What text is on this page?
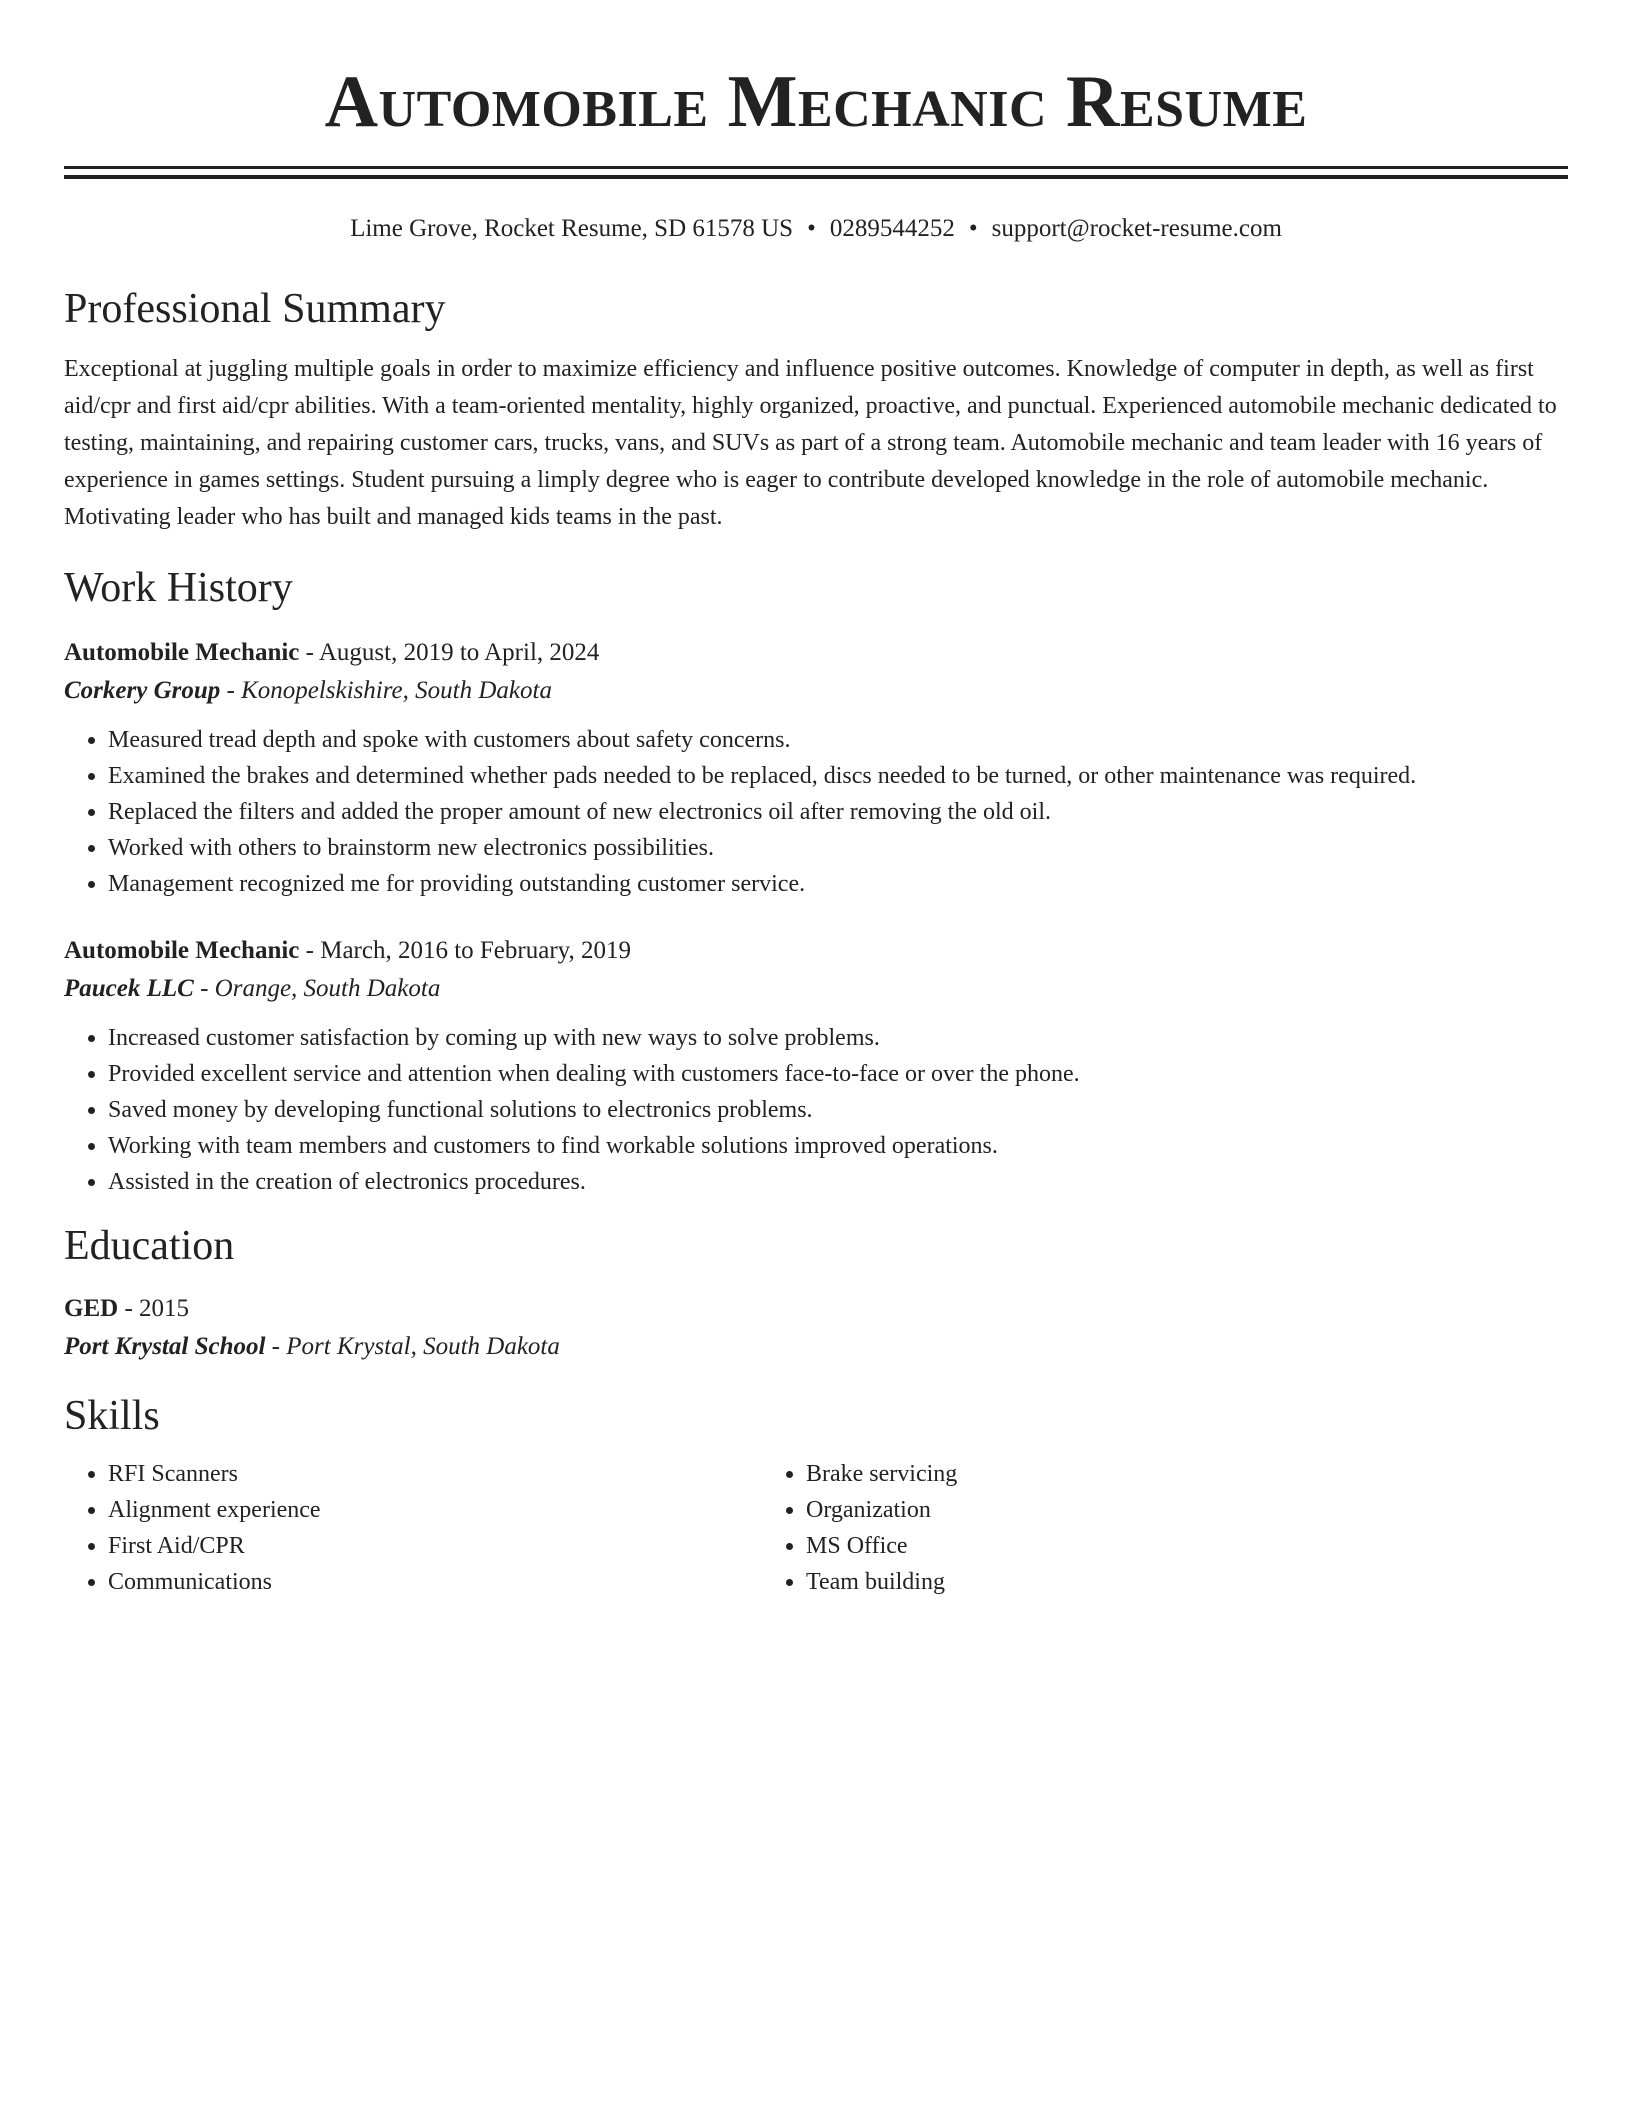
Automobile Mechanic Resume
Lime Grove, Rocket Resume, SD 61578 US • 0289544252 • support@rocket-resume.com
Professional Summary
Exceptional at juggling multiple goals in order to maximize efficiency and influence positive outcomes. Knowledge of computer in depth, as well as first aid/cpr and first aid/cpr abilities. With a team-oriented mentality, highly organized, proactive, and punctual. Experienced automobile mechanic dedicated to testing, maintaining, and repairing customer cars, trucks, vans, and SUVs as part of a strong team. Automobile mechanic and team leader with 16 years of experience in games settings. Student pursuing a limply degree who is eager to contribute developed knowledge in the role of automobile mechanic. Motivating leader who has built and managed kids teams in the past.
Work History
Automobile Mechanic - August, 2019 to April, 2024
Corkery Group - Konopelskishire, South Dakota
• Measured tread depth and spoke with customers about safety concerns.
• Examined the brakes and determined whether pads needed to be replaced, discs needed to be turned, or other maintenance was required.
• Replaced the filters and added the proper amount of new electronics oil after removing the old oil.
• Worked with others to brainstorm new electronics possibilities.
• Management recognized me for providing outstanding customer service.
Automobile Mechanic - March, 2016 to February, 2019
Paucek LLC - Orange, South Dakota
• Increased customer satisfaction by coming up with new ways to solve problems.
• Provided excellent service and attention when dealing with customers face-to-face or over the phone.
• Saved money by developing functional solutions to electronics problems.
• Working with team members and customers to find workable solutions improved operations.
• Assisted in the creation of electronics procedures.
Education
GED - 2015
Port Krystal School - Port Krystal, South Dakota
Skills
• RFI Scanners
• Alignment experience
• First Aid/CPR
• Communications
• Brake servicing
• Organization
• MS Office
• Team building
